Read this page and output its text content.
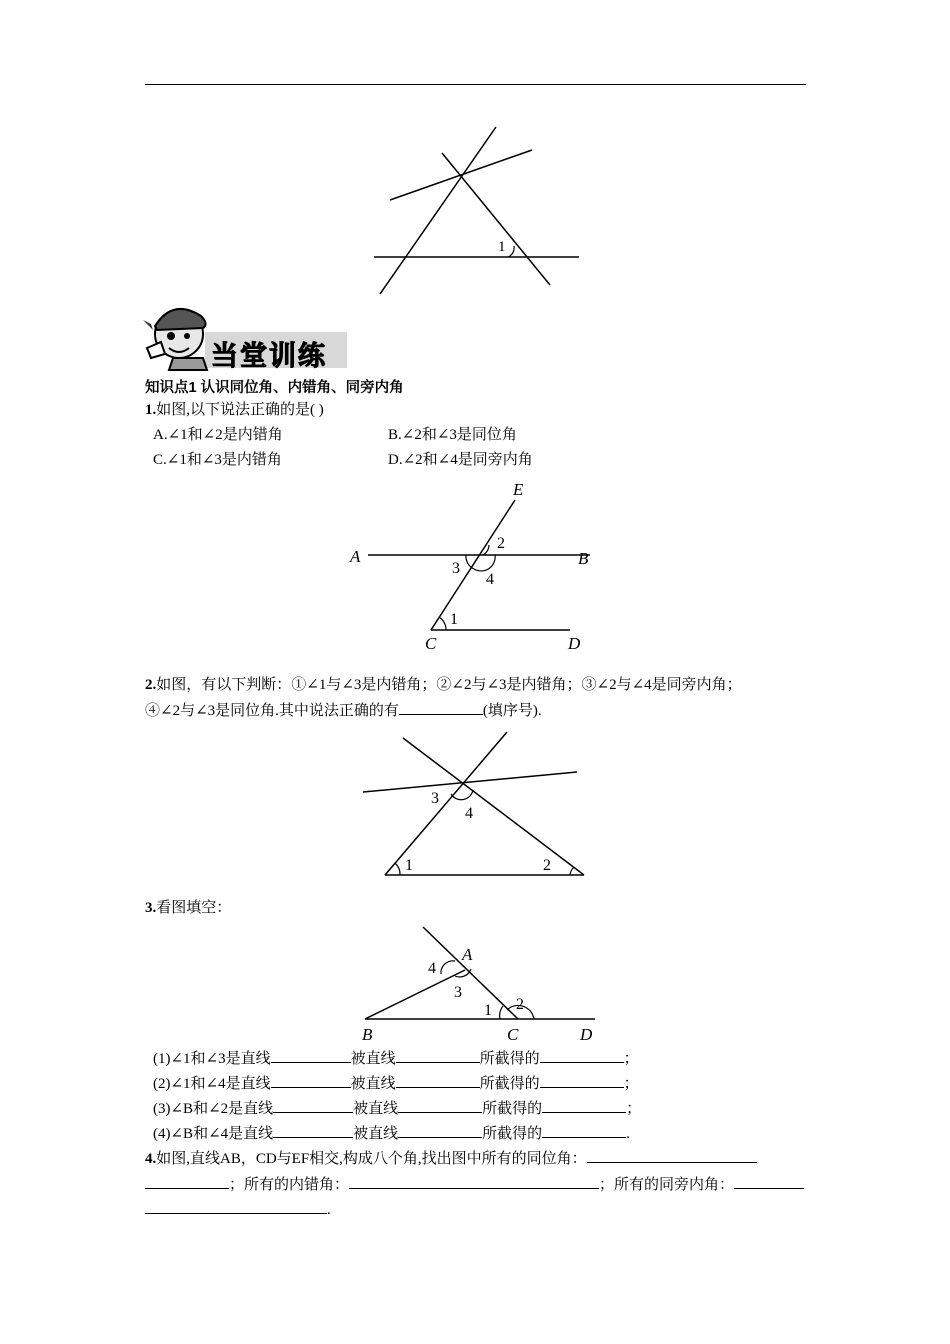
1
当堂训练
知识点1 认识同位角、内错角、同旁内角
1.如图,以下说法正确的是( )
A.∠1和∠2是内错角	B.∠2和∠3是同位角
C.∠1和∠3是内错角	D.∠2和∠4是同旁内角
E
A	B
C	D
2
3
4
1
2.如图，有以下判断：①∠1与∠3是内错角；②∠2与∠3是内错角；③∠2与∠4是同旁内角；
④∠2与∠3是同位角.其中说法正确的有	(填序号).
3
4
1	2
3.看图填空：
A
B	C	D
4
3
1 2
(1)∠1和∠3是直线	被直线	所截得的	；
(2)∠1和∠4是直线	被直线	所截得的	；
(3)∠B和∠2是直线	被直线	所截得的	；
(4)∠B和∠4是直线	被直线	所截得的	.
4.如图,直线AB，CD与EF相交,构成八个角,找出图中所有的同位角：
；所有的内错角：	；所有的同旁内角：
.
